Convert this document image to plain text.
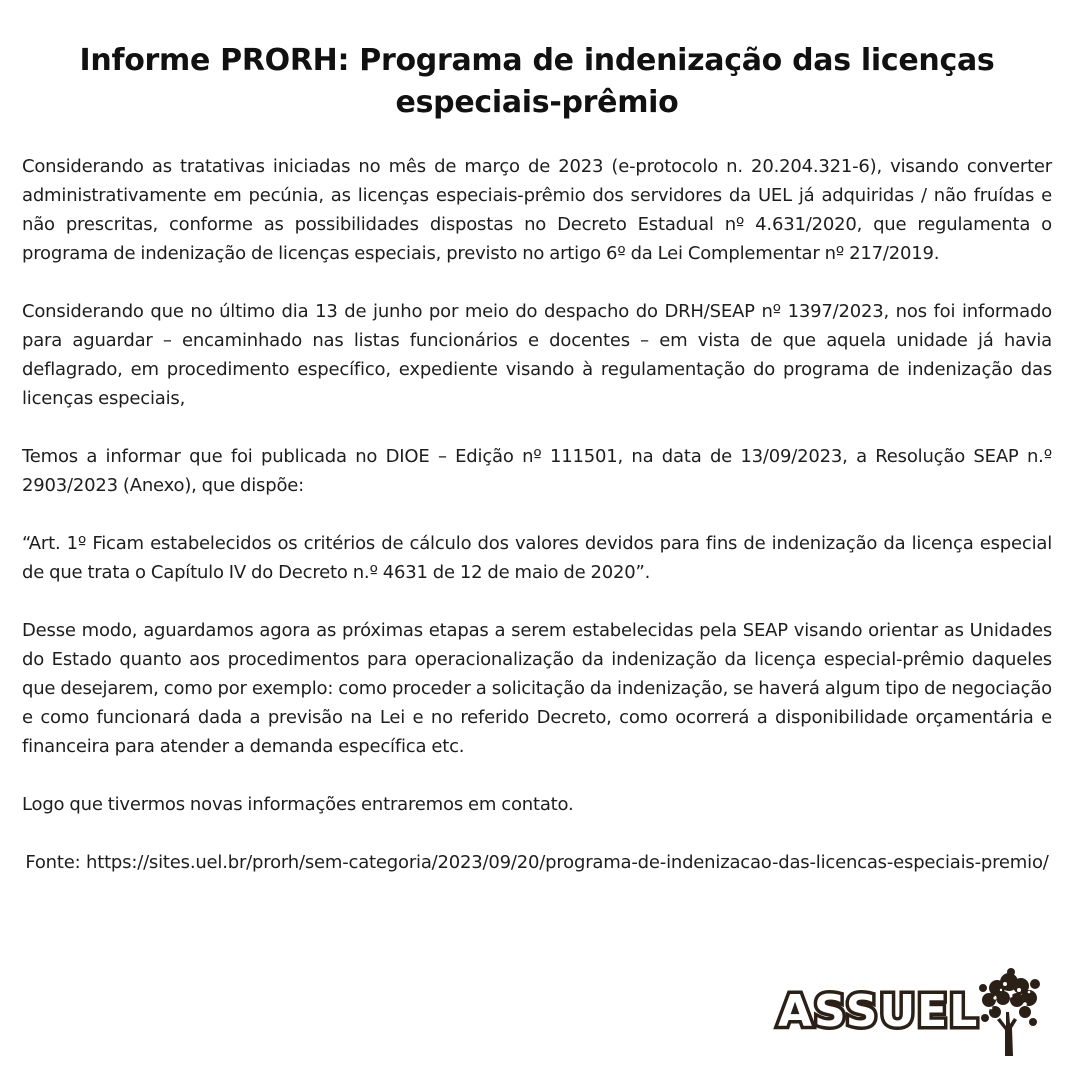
Informe PRORH: Programa de indenização das licenças especiais-prêmio

Considerando as tratativas iniciadas no mês de março de 2023 (e-protocolo n. 20.204.321-6), visando converter administrativamente em pecúnia, as licenças especiais-prêmio dos servidores da UEL já adquiridas / não fruídas e não prescritas, conforme as possibilidades dispostas no Decreto Estadual nº 4.631/2020, que regulamenta o programa de indenização de licenças especiais, previsto no artigo 6º da Lei Complementar nº 217/2019.

Considerando que no último dia 13 de junho por meio do despacho do DRH/SEAP nº 1397/2023, nos foi informado para aguardar – encaminhado nas listas funcionários e docentes – em vista de que aquela unidade já havia deflagrado, em procedimento específico, expediente visando à regulamentação do programa de indenização das licenças especiais,

Temos a informar que foi publicada no DIOE – Edição nº 111501, na data de 13/09/2023, a Resolução SEAP n.º 2903/2023 (Anexo), que dispõe:

“Art. 1º Ficam estabelecidos os critérios de cálculo dos valores devidos para fins de indenização da licença especial de que trata o Capítulo IV do Decreto n.º 4631 de 12 de maio de 2020”.

Desse modo, aguardamos agora as próximas etapas a serem estabelecidas pela SEAP visando orientar as Unidades do Estado quanto aos procedimentos para operacionalização da indenização da licença especial-prêmio daqueles que desejarem, como por exemplo: como proceder a solicitação da indenização, se haverá algum tipo de negociação e como funcionará dada a previsão na Lei e no referido Decreto, como ocorrerá a disponibilidade orçamentária e financeira para atender a demanda específica etc.

Logo que tivermos novas informações entraremos em contato.

Fonte: https://sites.uel.br/prorh/sem-categoria/2023/09/20/programa-de-indenizacao-das-licencas-especiais-premio/

ASSUEL
